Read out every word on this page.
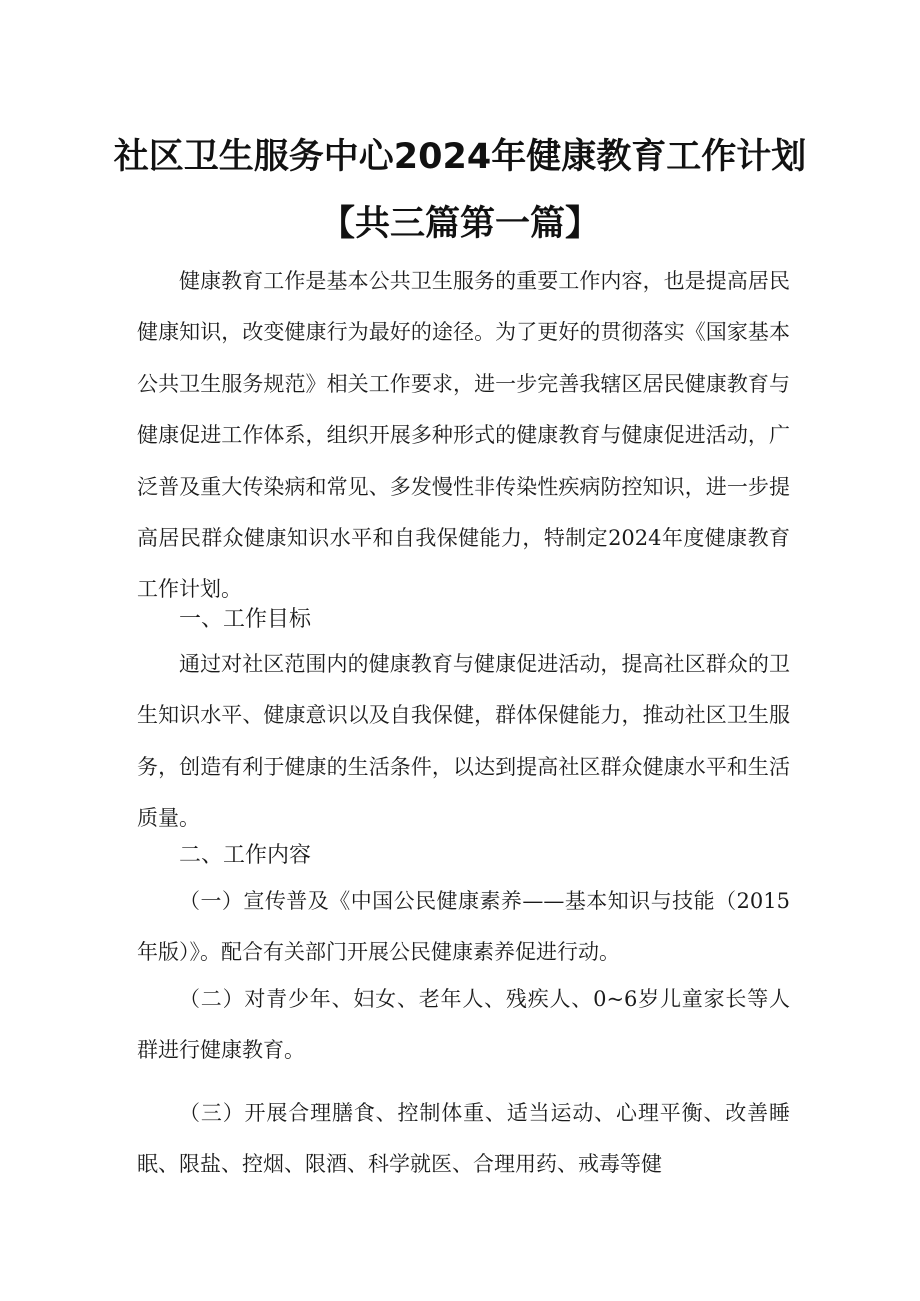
社区卫生服务中心2024年健康教育工作计划
【共三篇第一篇】
健康教育工作是基本公共卫生服务的重要工作内容，也是提高居民健康知识，改变健康行为最好的途径。为了更好的贯彻落实《国家基本公共卫生服务规范》相关工作要求，进一步完善我辖区居民健康教育与健康促进工作体系，组织开展多种形式的健康教育与健康促进活动，广泛普及重大传染病和常见、多发慢性非传染性疾病防控知识，进一步提高居民群众健康知识水平和自我保健能力，特制定2024年度健康教育工作计划。
一、工作目标
通过对社区范围内的健康教育与健康促进活动，提高社区群众的卫生知识水平、健康意识以及自我保健，群体保健能力，推动社区卫生服务，创造有利于健康的生活条件，以达到提高社区群众健康水平和生活质量。
二、工作内容
（一）宣传普及《中国公民健康素养——基本知识与技能（2015年版）》。配合有关部门开展公民健康素养促进行动。
（二）对青少年、妇女、老年人、残疾人、0~6岁儿童家长等人群进行健康教育。
（三）开展合理膳食、控制体重、适当运动、心理平衡、改善睡眠、限盐、控烟、限酒、科学就医、合理用药、戒毒等健
